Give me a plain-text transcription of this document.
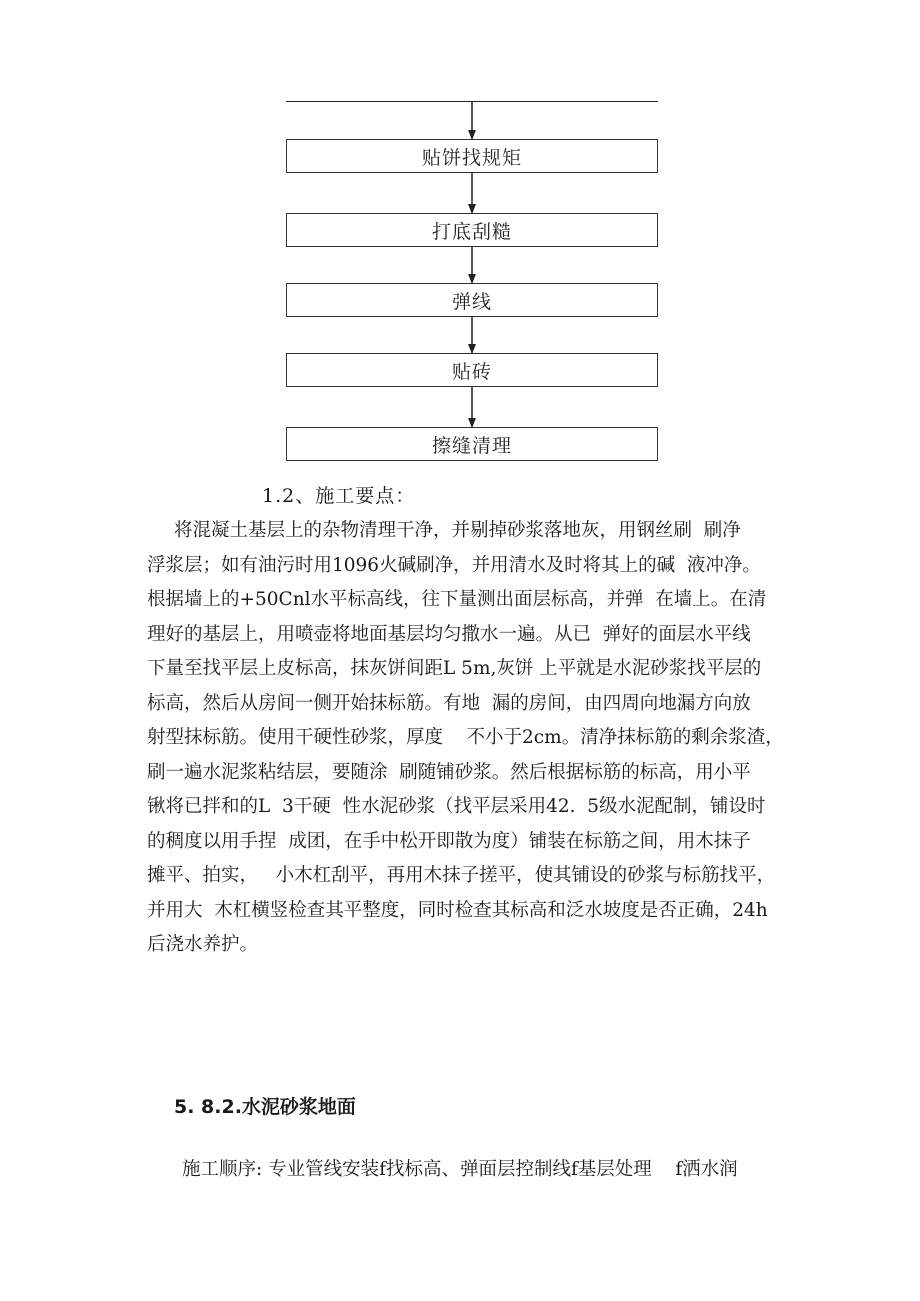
贴饼找规矩
打底刮糙
弹线
贴砖
擦缝清理
1.2、施工要点：
将混凝土基层上的杂物清理干净，并剔掉砂浆落地灰，用钢丝刷  刷净
浮浆层；如有油污时用1096火碱刷净，并用清水及时将其上的碱  液冲净。
根据墙上的+50Cnl水平标高线，往下量测出面层标高，并弹  在墙上。在清
理好的基层上，用喷壶将地面基层均匀撒水一遍。从已  弹好的面层水平线
下量至找平层上皮标高，抹灰饼间距L 5m,灰饼 上平就是水泥砂浆找平层的
标高，然后从房间一侧开始抹标筋。有地  漏的房间，由四周向地漏方向放
射型抹标筋。使用干硬性砂浆，厚度    不小于2cm。清净抹标筋的剩余浆渣，
刷一遍水泥浆粘结层，要随涂  刷随铺砂浆。然后根据标筋的标高，用小平
锹将已拌和的L  3干硬  性水泥砂浆（找平层采用42.  5级水泥配制，铺设时
的稠度以用手捏  成团，在手中松开即散为度）铺装在标筋之间，用木抹子
摊平、拍实，   小木杠刮平，再用木抹子搓平，使其铺设的砂浆与标筋找平，
并用大  木杠横竖检查其平整度，同时检查其标高和泛水坡度是否正确，24h
后浇水养护。
5. 8.2.水泥砂浆地面
施工顺序: 专业管线安装f找标高、弹面层控制线f基层处理    f洒水润
